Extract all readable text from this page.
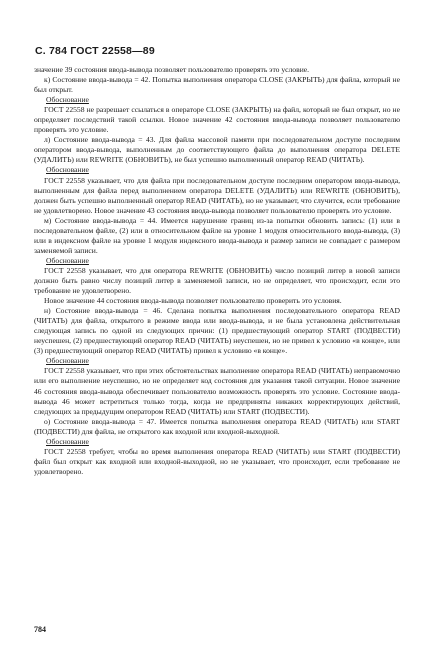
С. 784 ГОСТ 22558—89

значение 39 состояния ввода-вывода позволяет пользователю проверять это условие.

к) Состояние ввода-вывода = 42. Попытка выполнения оператора CLOSE (ЗАКРЫТЬ) для файла, который не был открыт.

Обоснование

ГОСТ 22558 не разрешает ссылаться в операторе CLOSE (ЗАКРЫТЬ) на файл, который не был открыт, но не определяет последствий такой ссылки. Новое значение 42 состояния ввода-вывода позволяет пользователю проверять это условие.

л) Состояние ввода-вывода = 43. Для файла массовой памяти при последовательном доступе последним оператором ввода-вывода, выполненным до соответствующего файла до выполнения оператора DELETE (УДАЛИТЬ) или REWRITE (ОБНОВИТЬ), не был успешно выполненный оператор READ (ЧИТАТЬ).

Обоснование

ГОСТ 22558 указывает, что для файла при последовательном доступе последним оператором ввода-вывода, выполненным для файла перед выполнением оператора DELETE (УДАЛИТЬ) или REWRITE (ОБНОВИТЬ), должен быть успешно выполненный оператор READ (ЧИТАТЬ), но не указывает, что случится, если требование не удовлетворено. Новое значение 43 состояния ввода-вывода позволяет пользователю проверять это условие.

м) Состояние ввода-вывода = 44. Имеется нарушение границ из-за попытки обновить запись: (1) или в последовательном файле, (2) или в относительном файле на уровне 1 модуля относительного ввода-вывода, (3) или в индексном файле на уровне 1 модуля индексного ввода-вывода и размер записи не совпадает с размером заменяемой записи.

Обоснование

ГОСТ 22558 указывает, что для оператора REWRITE (ОБНОВИТЬ) число позиций литер в новой записи должно быть равно числу позиций литер в заменяемой записи, но не определяет, что происходит, если это требование не удовлетворено.

Новое значение 44 состояния ввода-вывода позволяет пользователю проверить это условия.

н) Состояние ввода-вывода = 46. Сделана попытка выполнения последовательного оператора READ (ЧИТАТЬ) для файла, открытого в режиме ввода или ввода-вывода, и не была установлена действительная следующая запись по одной из следующих причин: (1) предшествующий оператор START (ПОДВЕСТИ) неуспешен, (2) предшествующий оператор READ (ЧИТАТЬ) неуспешен, но не привел к условию «в конце», или (3) предшествующий оператор READ (ЧИТАТЬ) привел к условию «в конце».

Обоснование

ГОСТ 22558 указывает, что при этих обстоятельствах выполнение оператора READ (ЧИТАТЬ) неправомочно или его выполнение неуспешно, но не определяет код состояния для указания такой ситуации. Новое значение 46 состояния ввода-вывода обеспечивает пользователю возможность проверять это условие. Состояние ввода-вывода 46 может встретиться только тогда, когда не предприняты никаких корректирующих действий, следующих за предыдущим оператором READ (ЧИТАТЬ) или START (ПОДВЕСТИ).

о) Состояние ввода-вывода = 47. Имеется попытка выполнения оператора READ (ЧИТАТЬ) или START (ПОДВЕСТИ) для файла, не открытого как входной или входной-выходной.

Обоснование

ГОСТ 22558 требует, чтобы во время выполнения оператора READ (ЧИТАТЬ) или START (ПОДВЕСТИ) файл был открыт как входной или входной-выходной, но не указывает, что происходит, если требование не удовлетворено.

784
